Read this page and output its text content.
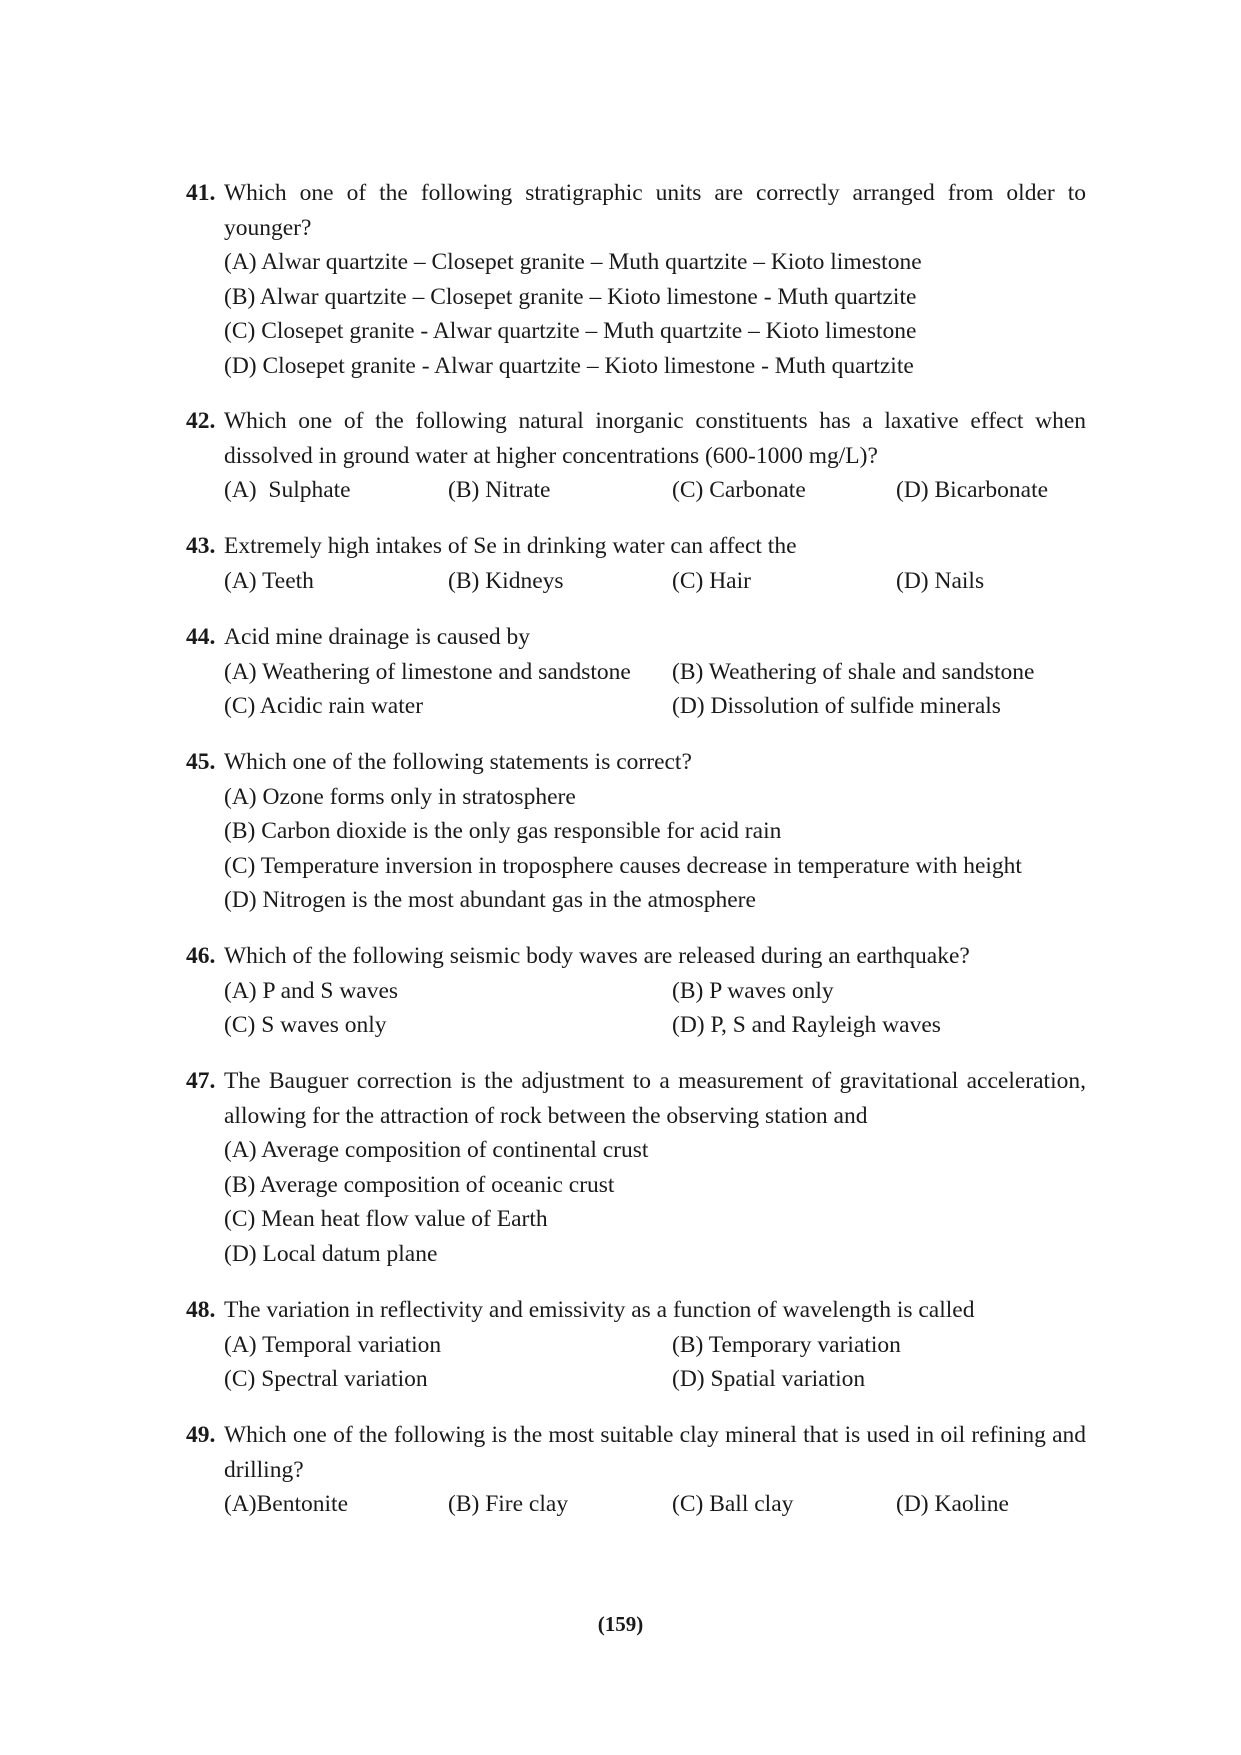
41. Which one of the following stratigraphic units are correctly arranged from older to younger?
(A) Alwar quartzite – Closepet granite – Muth quartzite – Kioto limestone
(B) Alwar quartzite – Closepet granite – Kioto limestone - Muth quartzite
(C) Closepet granite - Alwar quartzite – Muth quartzite – Kioto limestone
(D) Closepet granite - Alwar quartzite – Kioto limestone - Muth quartzite
42. Which one of the following natural inorganic constituents has a laxative effect when dissolved in ground water at higher concentrations (600-1000 mg/L)?
(A)  Sulphate	(B) Nitrate	(C) Carbonate	(D) Bicarbonate
43. Extremely high intakes of Se in drinking water can affect the
(A) Teeth	(B) Kidneys	(C) Hair	(D) Nails
44. Acid mine drainage is caused by
(A) Weathering of limestone and sandstone	(B) Weathering of shale and sandstone
(C) Acidic rain water	(D) Dissolution of sulfide minerals
45. Which one of the following statements is correct?
(A) Ozone forms only in stratosphere
(B) Carbon dioxide is the only gas responsible for acid rain
(C) Temperature inversion in troposphere causes decrease in temperature with height
(D) Nitrogen is the most abundant gas in the atmosphere
46. Which of the following seismic body waves are released during an earthquake?
(A) P and S waves	(B) P waves only
(C) S waves only	(D) P, S and Rayleigh waves
47. The Bauguer correction is the adjustment to a measurement of gravitational acceleration, allowing for the attraction of rock between the observing station and
(A) Average composition of continental crust
(B) Average composition of oceanic crust
(C) Mean heat flow value of Earth
(D) Local datum plane
48. The variation in reflectivity and emissivity as a function of wavelength is called
(A) Temporal variation	(B) Temporary variation
(C) Spectral variation	(D) Spatial variation
49. Which one of the following is the most suitable clay mineral that is used in oil refining and drilling?
(A)Bentonite	(B) Fire clay	(C) Ball clay	(D) Kaoline
(159)
